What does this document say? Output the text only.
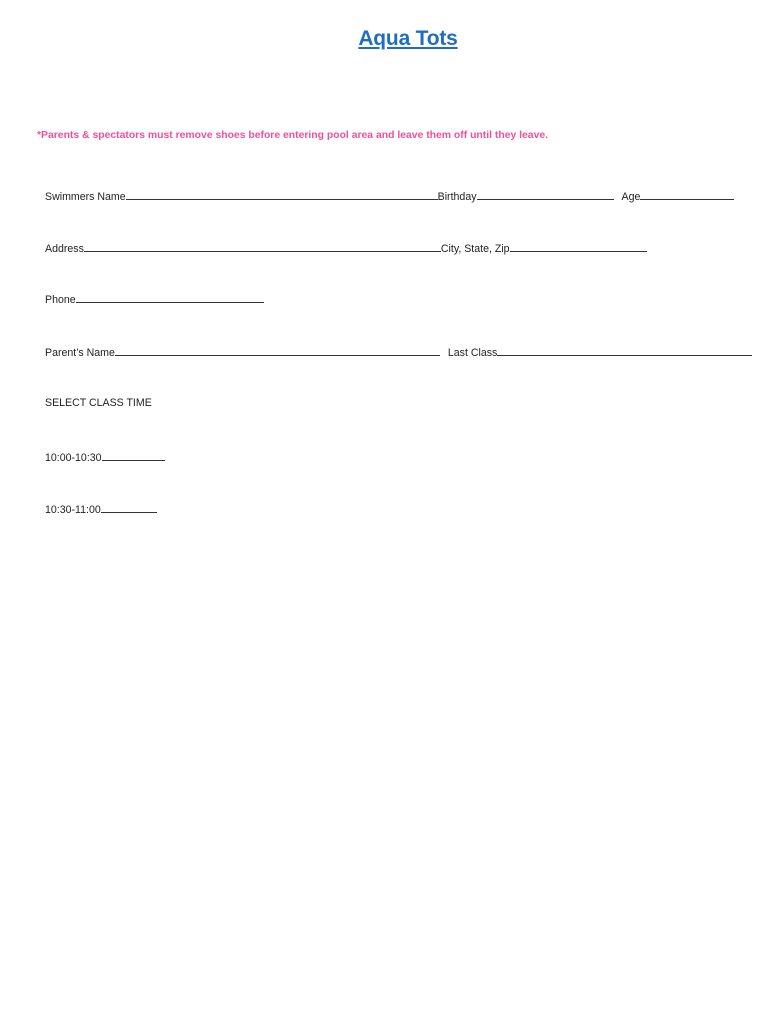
Aqua Tots
*Parents & spectators must remove shoes before entering pool area and leave them off until they leave.
Swimmers Name	Birthday	Age
Address	City, State, Zip
Phone
Parent’s Name	Last Class
SELECT CLASS TIME
10:00-10:30
10:30-11:00
